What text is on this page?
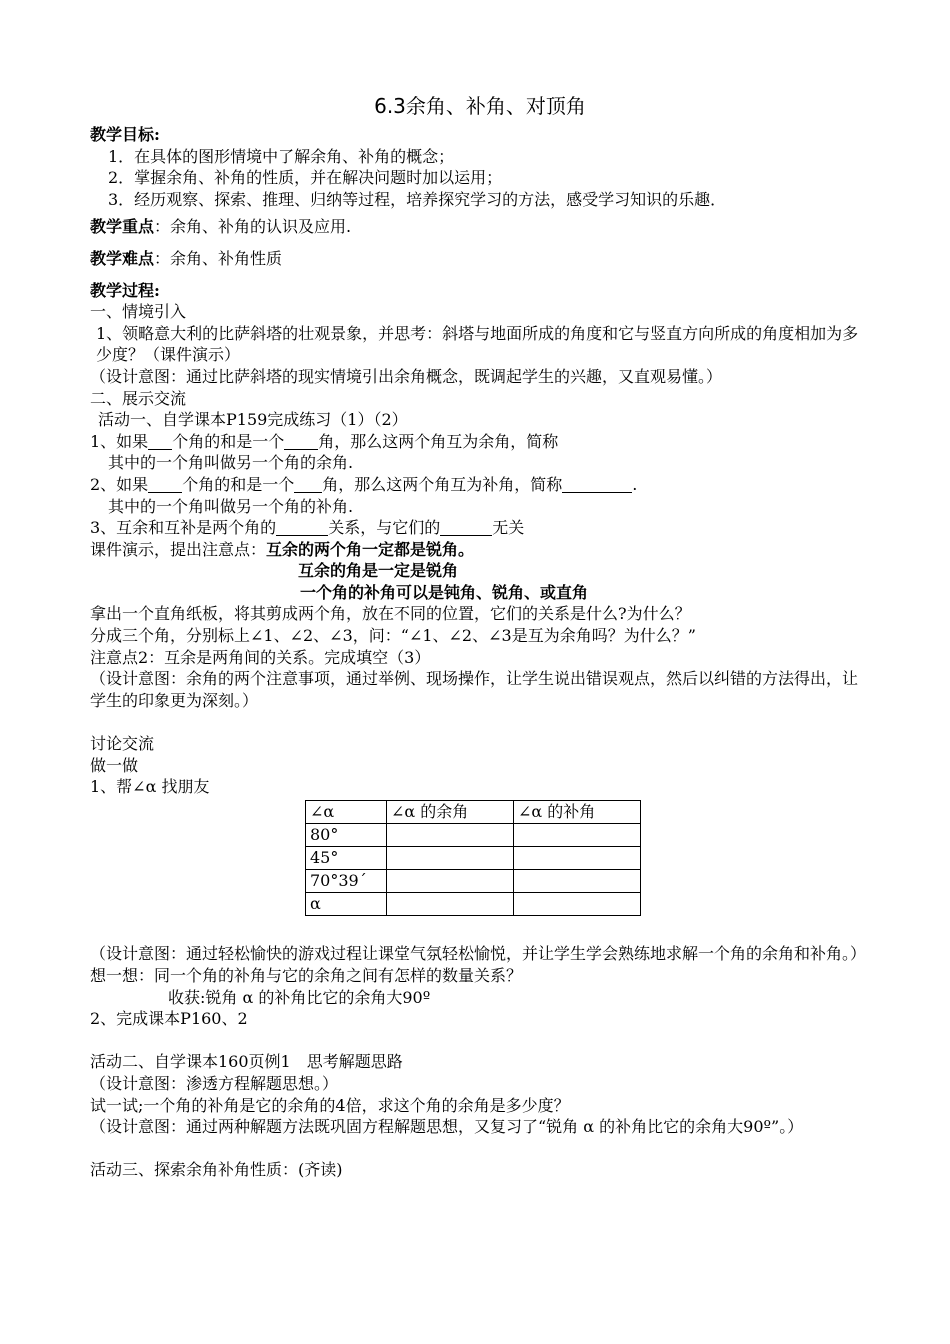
6.3余角、补角、对顶角
教学目标:
1．在具体的图形情境中了解余角、补角的概念；
2．掌握余角、补角的性质，并在解决问题时加以运用；
3．经历观察、探索、推理、归纳等过程，培养探究学习的方法，感受学习知识的乐趣．
教学重点：余角、补角的认识及应用.
教学难点：余角、补角性质
教学过程:
一、情境引入
1、领略意大利的比萨斜塔的壮观景象，并思考：斜塔与地面所成的角度和它与竖直方向所成的角度相加为多少度？（课件演示）
（设计意图：通过比萨斜塔的现实情境引出余角概念，既调起学生的兴趣，又直观易懂。）
二、展示交流
活动一、自学课本P159完成练习（1）（2）
1、如果 个角的和是一个 角，那么这两个角互为余角，简称
其中的一个角叫做另一个角的余角.
2、如果 个角的和是一个 角，那么这两个角互为补角，简称	.
其中的一个角叫做另一个角的补角.
3、互余和互补是两个角的	关系，与它们的	无关
课件演示，提出注意点：互余的两个角一定都是锐角。
互余的角是一定是锐角
一个角的补角可以是钝角、锐角、或直角
拿出一个直角纸板，将其剪成两个角，放在不同的位置，它们的关系是什么?为什么？
分成三个角，分别标上∠1、∠2、∠3，问：“∠1、∠2、∠3是互为余角吗？为什么？”
注意点2：互余是两角间的关系。完成填空（3）
（设计意图：余角的两个注意事项，通过举例、现场操作，让学生说出错误观点，然后以纠错的方法得出，让学生的印象更为深刻。）
讨论交流
做一做
1、帮∠α 找朋友
∠α	∠α 的余角	∠α 的补角
80°		
45°		
70°39´		
α		
（设计意图：通过轻松愉快的游戏过程让课堂气氛轻松愉悦，并让学生学会熟练地求解一个角的余角和补角。）
想一想：同一个角的补角与它的余角之间有怎样的数量关系？
收获:锐角 α 的补角比它的余角大90º
2、完成课本P160、2
活动二、自学课本160页例1　思考解题思路
（设计意图：渗透方程解题思想。）
试一试;一个角的补角是它的余角的4倍，求这个角的余角是多少度？
（设计意图：通过两种解题方法既巩固方程解题思想，又复习了“锐角 α 的补角比它的余角大90º”。）
活动三、探索余角补角性质：(齐读)
